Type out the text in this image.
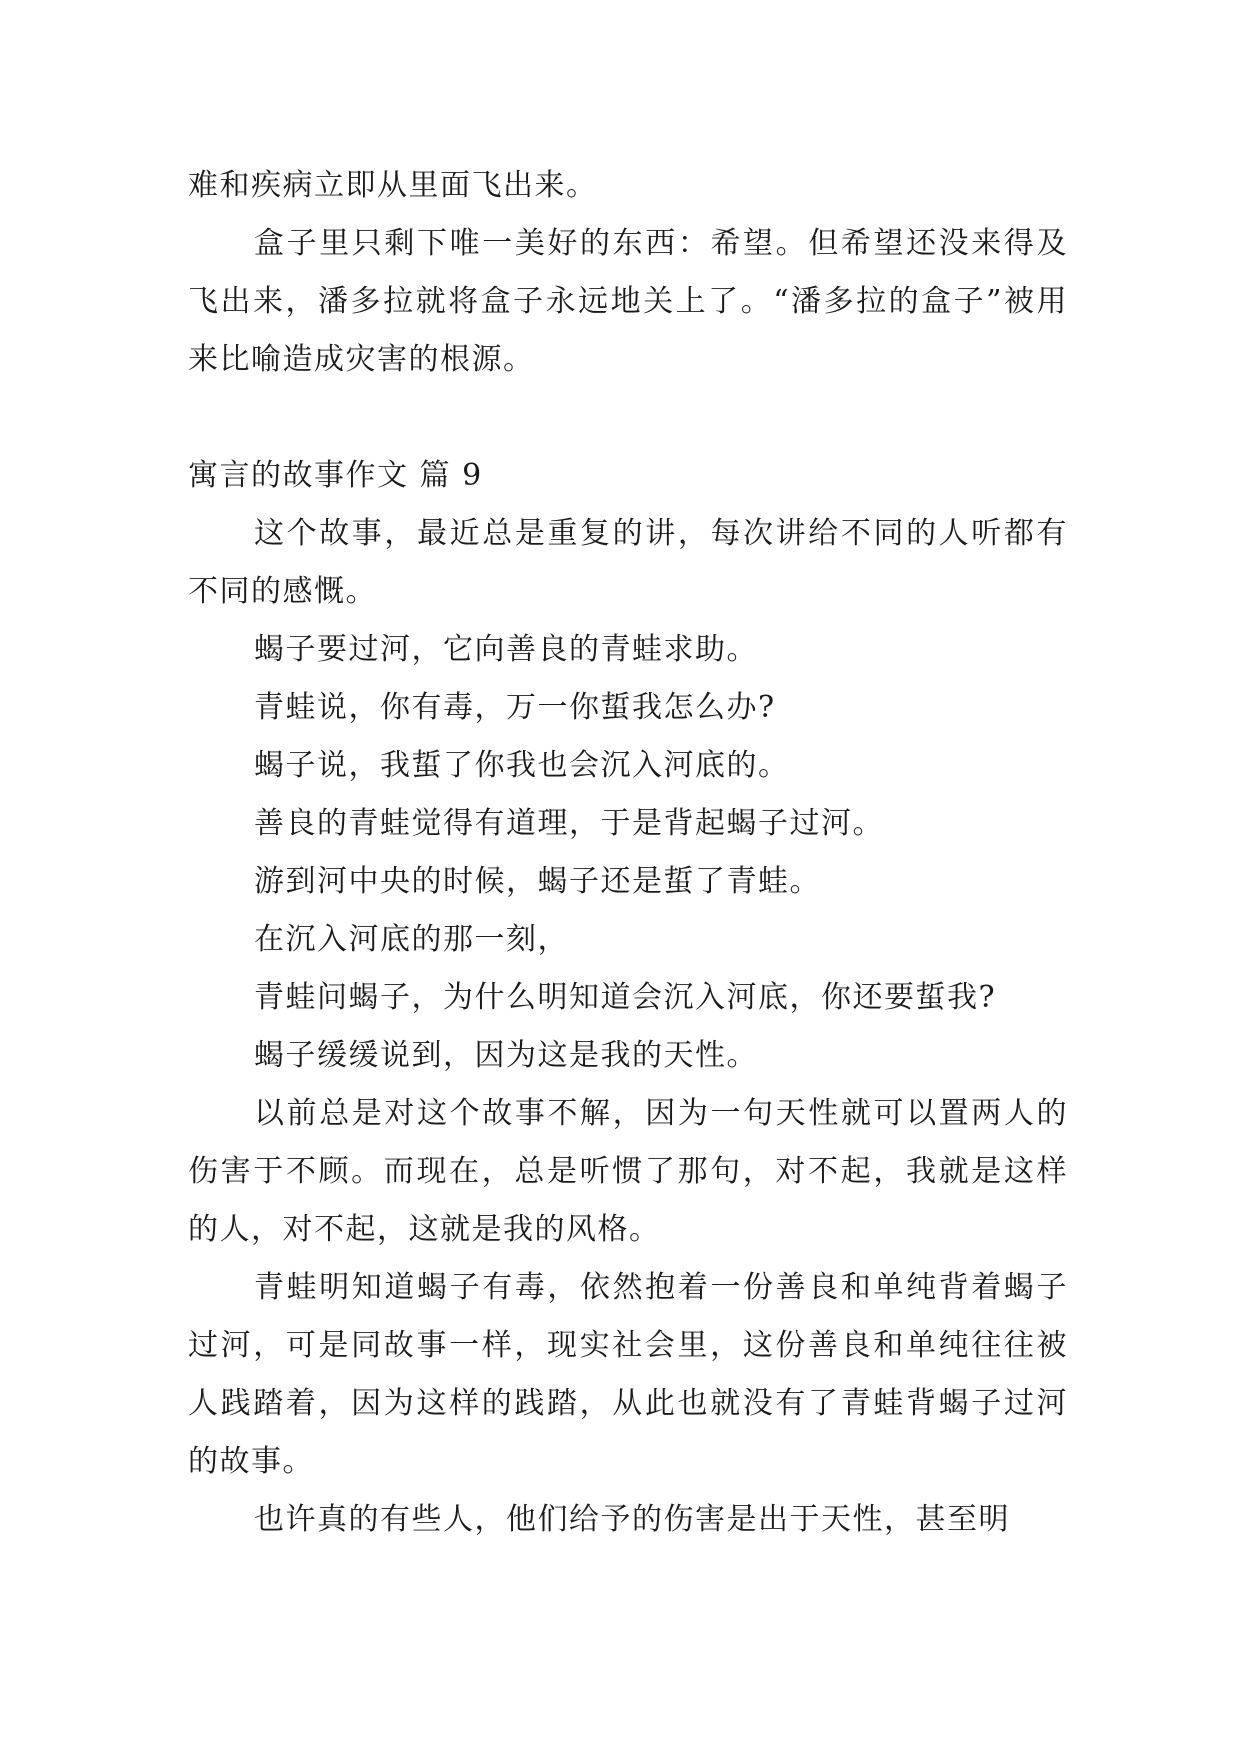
难和疾病立即从里面飞出来。

盒子里只剩下唯一美好的东西：希望。但希望还没来得及飞出来，潘多拉就将盒子永远地关上了。“潘多拉的盒子”被用来比喻造成灾害的根源。

寓言的故事作文 篇 9

这个故事，最近总是重复的讲，每次讲给不同的人听都有不同的感慨。

蝎子要过河，它向善良的青蛙求助。

青蛙说，你有毒，万一你蜇我怎么办?

蝎子说，我蜇了你我也会沉入河底的。

善良的青蛙觉得有道理，于是背起蝎子过河。

游到河中央的时候，蝎子还是蜇了青蛙。

在沉入河底的那一刻，

青蛙问蝎子，为什么明知道会沉入河底，你还要蜇我?

蝎子缓缓说到，因为这是我的天性。

以前总是对这个故事不解，因为一句天性就可以置两人的伤害于不顾。而现在，总是听惯了那句，对不起，我就是这样的人，对不起，这就是我的风格。

青蛙明知道蝎子有毒，依然抱着一份善良和单纯背着蝎子过河，可是同故事一样，现实社会里，这份善良和单纯往往被人践踏着，因为这样的践踏，从此也就没有了青蛙背蝎子过河的故事。

也许真的有些人，他们给予的伤害是出于天性，甚至明
